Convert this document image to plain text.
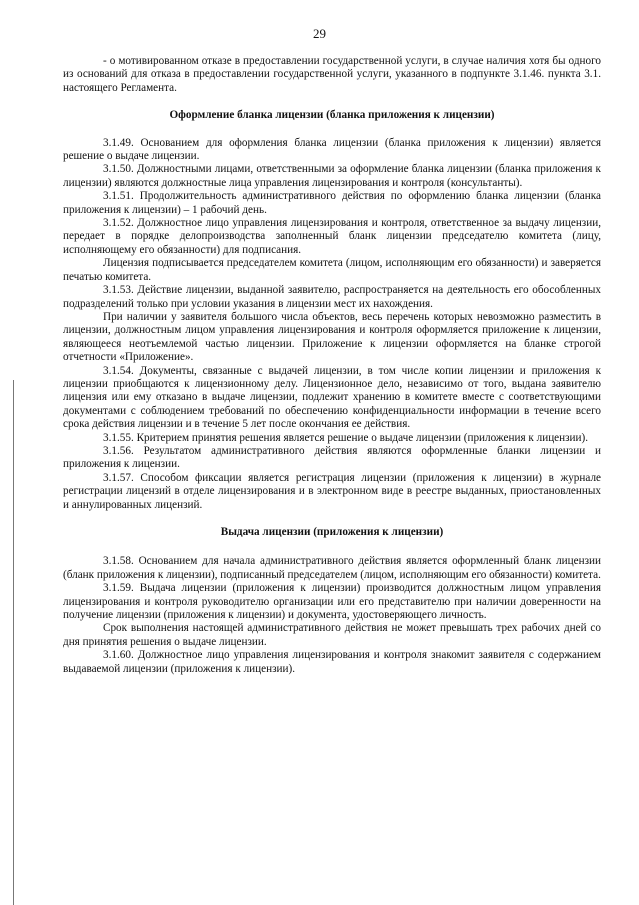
29

- о мотивированном отказе в предоставлении государственной услуги, в случае наличия хотя бы одного из оснований для отказа в предоставлении государственной услуги, указанного в подпункте 3.1.46. пункта 3.1. настоящего Регламента.

Оформление бланка лицензии (бланка приложения к лицензии)

3.1.49. Основанием для оформления бланка лицензии (бланка приложения к лицензии) является решение о выдаче лицензии.

3.1.50. Должностными лицами, ответственными за оформление бланка лицензии (бланка приложения к лицензии) являются должностные лица управления лицензирования и контроля (консультанты).

3.1.51. Продолжительность административного действия по оформлению бланка лицензии (бланка приложения к лицензии) – 1 рабочий день.

3.1.52. Должностное лицо управления лицензирования и контроля, ответственное за выдачу лицензии, передает в порядке делопроизводства заполненный бланк лицензии председателю комитета (лицу, исполняющему его обязанности) для подписания.

Лицензия подписывается председателем комитета (лицом, исполняющим его обязанности) и заверяется печатью комитета.

3.1.53. Действие лицензии, выданной заявителю, распространяется на деятельность его обособленных подразделений только при условии указания в лицензии мест их нахождения.

При наличии у заявителя большого числа объектов, весь перечень которых невозможно разместить в лицензии, должностным лицом управления лицензирования и контроля оформляется приложение к лицензии, являющееся неотъемлемой частью лицензии. Приложение к лицензии оформляется на бланке строгой отчетности «Приложение».

3.1.54. Документы, связанные с выдачей лицензии, в том числе копии лицензии и приложения к лицензии приобщаются к лицензионному делу. Лицензионное дело, независимо от того, выдана заявителю лицензия или ему отказано в выдаче лицензии, подлежит хранению в комитете вместе с соответствующими документами с соблюдением требований по обеспечению конфиденциальности информации в течение всего срока действия лицензии и в течение 5 лет после окончания ее действия.

3.1.55. Критерием принятия решения является решение о выдаче лицензии (приложения к лицензии).

3.1.56. Результатом административного действия являются оформленные бланки лицензии и приложения к лицензии.

3.1.57. Способом фиксации является регистрация лицензии (приложения к лицензии) в журнале регистрации лицензий в отделе лицензирования и в электронном виде в реестре выданных, приостановленных и аннулированных лицензий.

Выдача лицензии (приложения к лицензии)

3.1.58. Основанием для начала административного действия является оформленный бланк лицензии (бланк приложения к лицензии), подписанный председателем (лицом, исполняющим его обязанности) комитета.

3.1.59. Выдача лицензии (приложения к лицензии) производится должностным лицом управления лицензирования и контроля руководителю организации или его представителю при наличии доверенности на получение лицензии (приложения к лицензии) и документа, удостоверяющего личность.

Срок выполнения настоящей административного действия не может превышать трех рабочих дней со дня принятия решения о выдаче лицензии.

3.1.60. Должностное лицо управления лицензирования и контроля знакомит заявителя с содержанием выдаваемой лицензии (приложения к лицензии).
